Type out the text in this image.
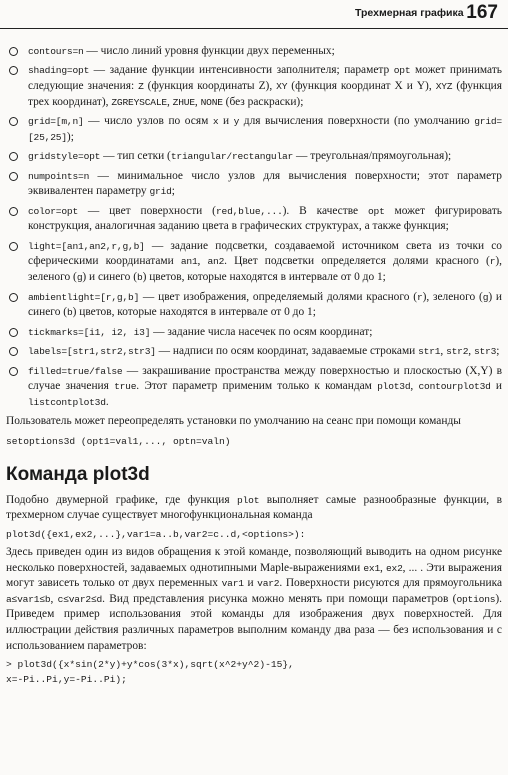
Трехмерная графика 167
contours=n — число линий уровня функции двух переменных;
shading=opt — задание функции интенсивности заполнителя; параметр opt может принимать следующие значения: Z (функция координаты Z), XY (функция координат X и Y), XYZ (функция трех координат), ZGREYSCALE, ZHUE, NONE (без раскраски);
grid=[m,n] — число узлов по осям x и y для вычисления поверхности (по умолчанию grid=[25,25]);
gridstyle=opt — тип сетки (triangular/rectangular — треугольная/прямоугольная);
numpoints=n — минимальное число узлов для вычисления поверхности; этот параметр эквивалентен параметру grid;
color=opt — цвет поверхности (red,blue,...). В качестве opt может фигурировать конструкция, аналогичная заданию цвета в графических структурах, а также функция;
light=[an1,an2,r,g,b] — задание подсветки, создаваемой источником света из точки со сферическими координатами an1, an2. Цвет подсветки определяется долями красного (r), зеленого (g) и синего (b) цветов, которые находятся в интервале от 0 до 1;
ambientlight=[r,g,b] — цвет изображения, определяемый долями красного (r), зеленого (g) и синего (b) цветов, которые находятся в интервале от 0 до 1;
tickmarks=[i1, i2, i3] — задание числа насечек по осям координат;
labels=[str1,str2,str3] — надписи по осям координат, задаваемые строками str1, str2, str3;
filled=true/false — закрашивание пространства между поверхностью и плоскостью (X,Y) в случае значения true. Этот параметр применим только к командам plot3d, contourplot3d и listcontplot3d.

Пользователь может переопределять установки по умолчанию на сеанс при помощи команды

setoptions3d (opt1=val1,..., optn=valn)

Команда plot3d

Подобно двумерной графике, где функция plot выполняет самые разнообразные функции, в трехмерном случае существует многофункциональная команда

plot3d({ex1,ex2,...},var1=a..b,var2=c..d,<options>):

Здесь приведен один из видов обращения к этой команде, позволяющий выводить на одном рисунке несколько поверхностей, задаваемых однотипными Maple-выражениями ex1, ex2, ... . Эти выражения могут зависеть только от двух переменных var1 и var2. Поверхности рисуются для прямоугольника a≤var1≤b, c≤var2≤d. Вид представления рисунка можно менять при помощи параметров (options). Приведем пример использования этой команды для изображения двух поверхностей. Для иллюстрации действия различных параметров выполним команду два раза — без использования и с использованием параметров:

> plot3d({x*sin(2*y)+y*cos(3*x),sqrt(x^2+y^2)-15},

x=-Pi..Pi,y=-Pi..Pi);
